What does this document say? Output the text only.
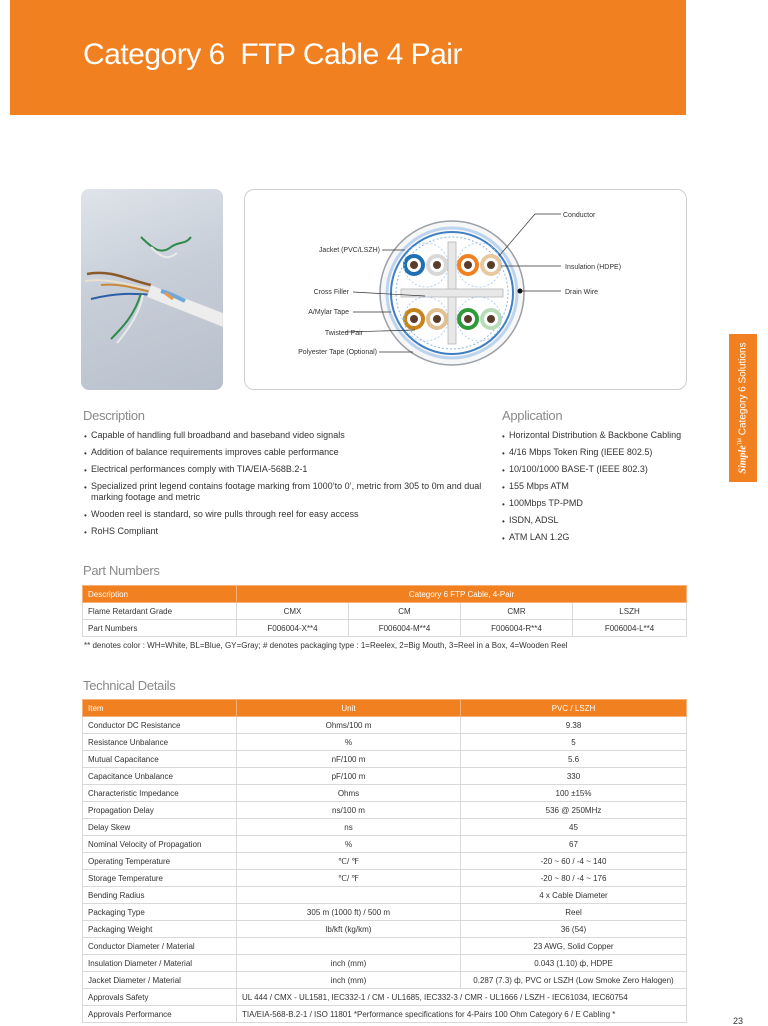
Category 6  FTP Cable 4 Pair
Simple™ Category 6 Solutions
Conductor
Jacket (PVC/LSZH)
Insulation (HDPE)
Cross Filler	Drain Wire
A/Mylar Tape
Twisted Pair
Polyester Tape (Optional)
Description
• Capable of handling full broadband and baseband video signals
• Addition of balance requirements improves cable performance
• Electrical performances comply with TIA/EIA-568B.2-1
• Specialized print legend contains footage marking from 1000’to 0’, metric from 305 to 0m and dual marking footage and metric
• Wooden reel is standard, so wire pulls through reel for easy access
• RoHS Compliant
Application
• Horizontal Distribution & Backbone Cabling
• 4/16 Mbps Token Ring (IEEE 802.5)
• 10/100/1000 BASE-T (IEEE 802.3)
• 155 Mbps ATM
• 100Mbps TP-PMD
• ISDN, ADSL
• ATM LAN 1.2G
Part Numbers
Description	Category 6 FTP Cable, 4-Pair			
Flame Retardant Grade	CMX	CM	CMR	LSZH
Part Numbers	F006004-X**4	F006004-M**4	F006004-R**4	F006004-L**4
** denotes color : WH=White, BL=Blue, GY=Gray; # denotes packaging type : 1=Reelex, 2=Big Mouth, 3=Reel in a Box, 4=Wooden Reel
Technical Details
Item	Unit	PVC / LSZH
Conductor DC Resistance	Ohms/100 m	9.38
Resistance Unbalance	%	5
Mutual Capacitance	nF/100 m	5.6
Capacitance Unbalance	pF/100 m	330
Characteristic Impedance	Ohms	100 ±15%
Propagation Delay	ns/100 m	536 @ 250MHz
Delay Skew	ns	45
Nominal Velocity of Propagation	%	67
Operating Temperature	℃/ ℉	-20 ~ 60 / -4 ~ 140
Storage Temperature	℃/ ℉	-20 ~ 80 / -4 ~ 176
Bending Radius		4 x Cable Diameter
Packaging Type	305 m (1000 ft) / 500 m	Reel
Packaging Weight	lb/kft (kg/km)	36 (54)
Conductor Diameter / Material		23 AWG, Solid Copper
Insulation Diameter / Material	inch (mm)	0.043 (1.10) ф, HDPE
Jacket Diameter / Material	inch (mm)	0.287 (7.3) ф, PVC or LSZH (Low Smoke Zero Halogen)
Approvals Safety	UL 444 / CMX - UL1581, IEC332-1 / CM - UL1685, IEC332-3 / CMR - UL1666 / LSZH - IEC61034, IEC60754	
Approvals Performance	TIA/EIA-568-B.2-1 / ISO 11801 *Performance specifications for 4-Pairs 100 Ohm Category 6 / E Cabling *	
23
